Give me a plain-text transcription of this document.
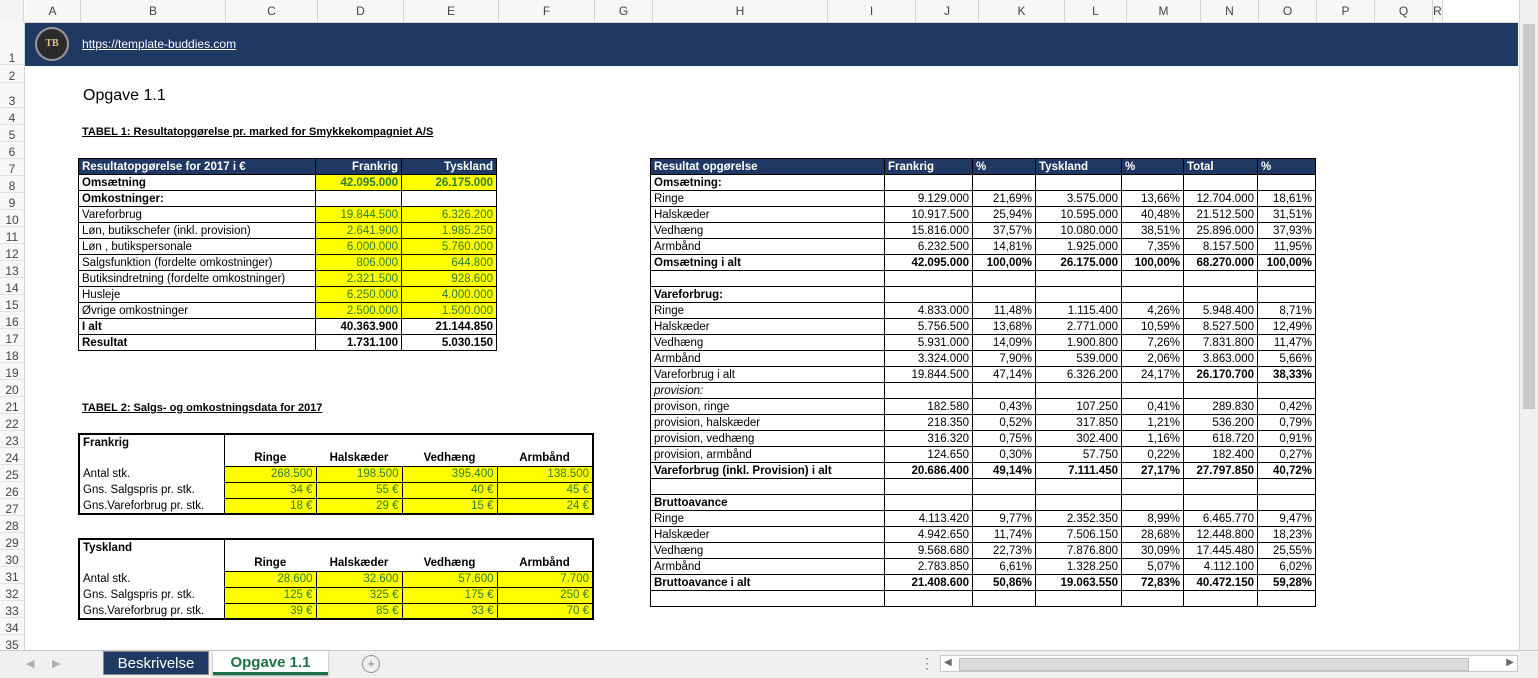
A	B	C	D	E	F	G	H	I	J	K	L	M	N	O	P	Q	R
1
2
3
4
5
6
7
8
9
10
11
12
13
14
15
16
17
18
19
20
21
22
23
24
25
26
27
28
29
30
31
32
33
34
35
TB	https://template-buddies.com
Opgave 1.1
TABEL 1: Resultatopgørelse pr. marked for Smykkekompagniet A/S
Resultatopgørelse for 2017 i €	Frankrig	Tyskland
Omsætning	42.095.000	26.175.000
Omkostninger:		
Vareforbrug	19.844.500	6.326.200
Løn, butikschefer (inkl. provision)	2.641.900	1.985.250
Løn , butikspersonale	6.000.000	5.760.000
Salgsfunktion (fordelte omkostninger)	806.000	644.800
Butiksindretning (fordelte omkostninger)	2.321.500	928.600
Husleje	6.250.000	4.000.000
Øvrige omkostninger	2.500.000	1.500.000
I alt	40.363.900	21.144.850
Resultat	1.731.100	5.030.150
TABEL 2: Salgs- og omkostningsdata for 2017
Frankrig				
	Ringe	Halskæder	Vedhæng	Armbånd
Antal stk.	268.500	198.500	395.400	138.500
Gns. Salgspris pr. stk.	34 €	55 €	40 €	45 €
Gns.Vareforbrug pr. stk.	18 €	29 €	15 €	24 €
Tyskland				
	Ringe	Halskæder	Vedhæng	Armbånd
Antal stk.	28.600	32.600	57.600	7.700
Gns. Salgspris pr. stk.	125 €	325 €	175 €	250 €
Gns.Vareforbrug pr. stk.	39 €	85 €	33 €	70 €
Resultat opgørelse	Frankrig	%	Tyskland	%	Total	%
Omsætning:						
Ringe	9.129.000	21,69%	3.575.000	13,66%	12.704.000	18,61%
Halskæder	10.917.500	25,94%	10.595.000	40,48%	21.512.500	31,51%
Vedhæng	15.816.000	37,57%	10.080.000	38,51%	25.896.000	37,93%
Armbånd	6.232.500	14,81%	1.925.000	7,35%	8.157.500	11,95%
Omsætning i alt	42.095.000	100,00%	26.175.000	100,00%	68.270.000	100,00%

Vareforbrug:						
Ringe	4.833.000	11,48%	1.115.400	4,26%	5.948.400	8,71%
Halskæder	5.756.500	13,68%	2.771.000	10,59%	8.527.500	12,49%
Vedhæng	5.931.000	14,09%	1.900.800	7,26%	7.831.800	11,47%
Armbånd	3.324.000	7,90%	539.000	2,06%	3.863.000	5,66%
Vareforbrug i alt	19.844.500	47,14%	6.326.200	24,17%	26.170.700	38,33%
provision:						
provison, ringe	182.580	0,43%	107.250	0,41%	289.830	0,42%
provision, halskæder	218.350	0,52%	317.850	1,21%	536.200	0,79%
provision, vedhæng	316.320	0,75%	302.400	1,16%	618.720	0,91%
provision, armbånd	124.650	0,30%	57.750	0,22%	182.400	0,27%
Vareforbrug (inkl. Provision) i alt	20.686.400	49,14%	7.111.450	27,17%	27.797.850	40,72%

Bruttoavance						
Ringe	4.113.420	9,77%	2.352.350	8,99%	6.465.770	9,47%
Halskæder	4.942.650	11,74%	7.506.150	28,68%	12.448.800	18,23%
Vedhæng	9.568.680	22,73%	7.876.800	30,09%	17.445.480	25,55%
Armbånd	2.783.850	6,61%	1.328.250	5,07%	4.112.100	6,02%
Bruttoavance i alt	21.408.600	50,86%	19.063.550	72,83%	40.472.150	59,28%

◀ ▶	Beskrivelse	Opgave 1.1	+	⋮ ◀	▶
